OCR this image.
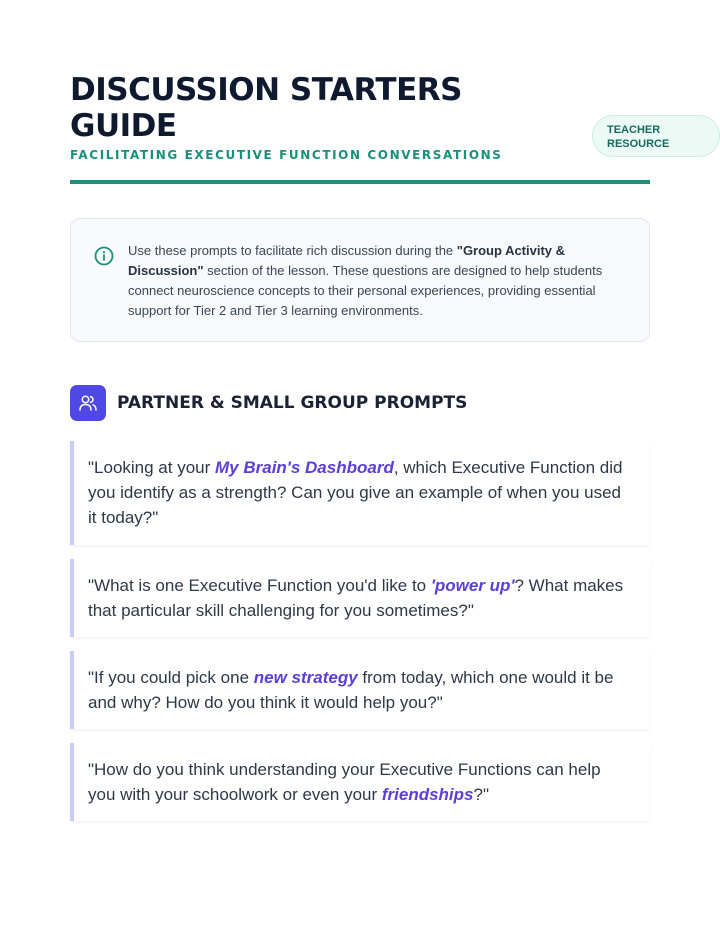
DISCUSSION STARTERS GUIDE
FACILITATING EXECUTIVE FUNCTION CONVERSATIONS
TEACHER RESOURCE

Use these prompts to facilitate rich discussion during the "Group Activity & Discussion" section of the lesson. These questions are designed to help students connect neuroscience concepts to their personal experiences, providing essential support for Tier 2 and Tier 3 learning environments.

PARTNER & SMALL GROUP PROMPTS
"Looking at your My Brain's Dashboard, which Executive Function did you identify as a strength? Can you give an example of when you used it today?"
"What is one Executive Function you'd like to 'power up'? What makes that particular skill challenging for you sometimes?"
"If you could pick one new strategy from today, which one would it be and why? How do you think it would help you?"
"How do you think understanding your Executive Functions can help you with your schoolwork or even your friendships?"
